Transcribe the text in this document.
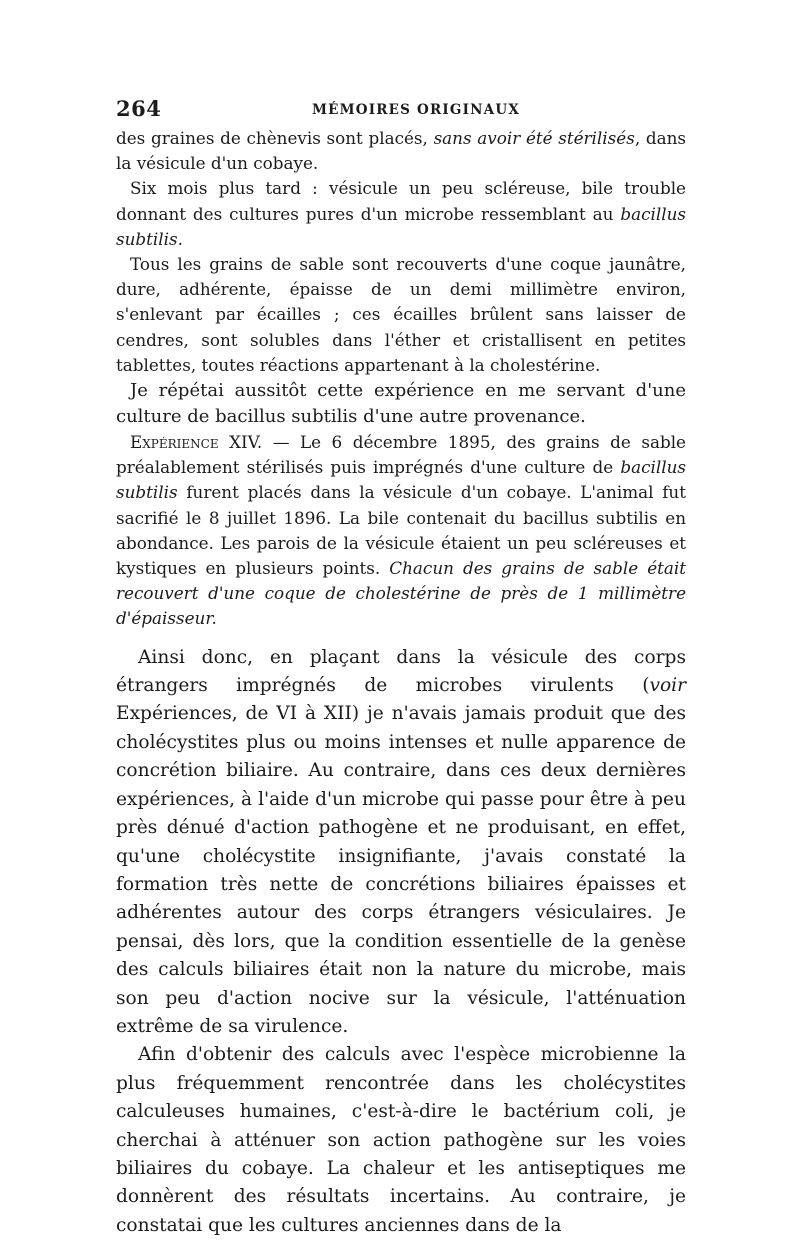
264	MÉMOIRES ORIGINAUX

des graines de chènevis sont placés, sans avoir été stérilisés, dans la vésicule d'un cobaye.

Six mois plus tard : vésicule un peu scléreuse, bile trouble donnant des cultures pures d'un microbe ressemblant au bacillus subtilis.

Tous les grains de sable sont recouverts d'une coque jaunâtre, dure, adhérente, épaisse de un demi millimètre environ, s'enlevant par écailles ; ces écailles brûlent sans laisser de cendres, sont solubles dans l'éther et cristallisent en petites tablettes, toutes réactions appartenant à la cholestérine.

Je répétai aussitôt cette expérience en me servant d'une culture de bacillus subtilis d'une autre provenance.

Expérience XIV. — Le 6 décembre 1895, des grains de sable préalablement stérilisés puis imprégnés d'une culture de bacillus subtilis furent placés dans la vésicule d'un cobaye. L'animal fut sacrifié le 8 juillet 1896. La bile contenait du bacillus subtilis en abondance. Les parois de la vésicule étaient un peu scléreuses et kystiques en plusieurs points. Chacun des grains de sable était recouvert d'une coque de cholestérine de près de 1 millimètre d'épaisseur.

Ainsi donc, en plaçant dans la vésicule des corps étrangers imprégnés de microbes virulents (voir Expériences, de VI à XII) je n'avais jamais produit que des cholécystites plus ou moins intenses et nulle apparence de concrétion biliaire. Au contraire, dans ces deux dernières expériences, à l'aide d'un microbe qui passe pour être à peu près dénué d'action pathogène et ne produisant, en effet, qu'une cholécystite insignifiante, j'avais constaté la formation très nette de concrétions biliaires épaisses et adhérentes autour des corps étrangers vésiculaires. Je pensai, dès lors, que la condition essentielle de la genèse des calculs biliaires était non la nature du microbe, mais son peu d'action nocive sur la vésicule, l'atténuation extrême de sa virulence.

Afin d'obtenir des calculs avec l'espèce microbienne la plus fréquemment rencontrée dans les cholécystites calculeuses humaines, c'est-à-dire le bactérium coli, je cherchai à atténuer son action pathogène sur les voies biliaires du cobaye. La chaleur et les antiseptiques me donnèrent des résultats incertains. Au contraire, je constatai que les cultures anciennes dans de la
